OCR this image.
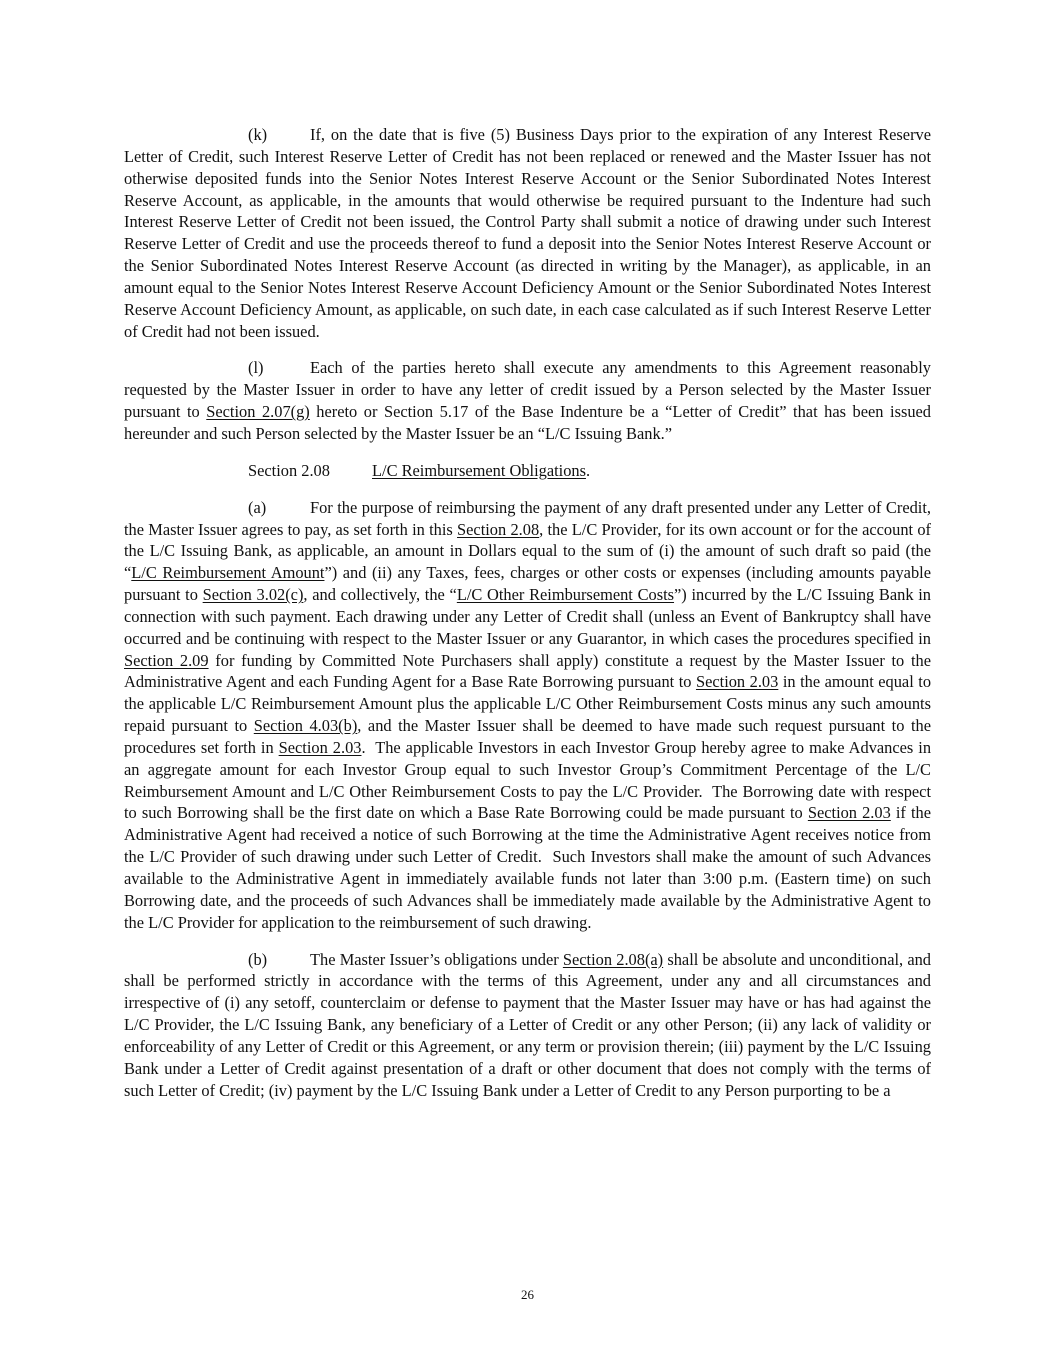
(k)	If, on the date that is five (5) Business Days prior to the expiration of any Interest Reserve Letter of Credit, such Interest Reserve Letter of Credit has not been replaced or renewed and the Master Issuer has not otherwise deposited funds into the Senior Notes Interest Reserve Account or the Senior Subordinated Notes Interest Reserve Account, as applicable, in the amounts that would otherwise be required pursuant to the Indenture had such Interest Reserve Letter of Credit not been issued, the Control Party shall submit a notice of drawing under such Interest Reserve Letter of Credit and use the proceeds thereof to fund a deposit into the Senior Notes Interest Reserve Account or the Senior Subordinated Notes Interest Reserve Account (as directed in writing by the Manager), as applicable, in an amount equal to the Senior Notes Interest Reserve Account Deficiency Amount or the Senior Subordinated Notes Interest Reserve Account Deficiency Amount, as applicable, on such date, in each case calculated as if such Interest Reserve Letter of Credit had not been issued.

(l)	Each of the parties hereto shall execute any amendments to this Agreement reasonably requested by the Master Issuer in order to have any letter of credit issued by a Person selected by the Master Issuer pursuant to Section 2.07(g) hereto or Section 5.17 of the Base Indenture be a “Letter of Credit” that has been issued hereunder and such Person selected by the Master Issuer be an “L/C Issuing Bank.”

Section 2.08	L/C Reimbursement Obligations.

(a)	For the purpose of reimbursing the payment of any draft presented under any Letter of Credit, the Master Issuer agrees to pay, as set forth in this Section 2.08, the L/C Provider, for its own account or for the account of the L/C Issuing Bank, as applicable, an amount in Dollars equal to the sum of (i) the amount of such draft so paid (the “L/C Reimbursement Amount”) and (ii) any Taxes, fees, charges or other costs or expenses (including amounts payable pursuant to Section 3.02(c), and collectively, the “L/C Other Reimbursement Costs”) incurred by the L/C Issuing Bank in connection with such payment. Each drawing under any Letter of Credit shall (unless an Event of Bankruptcy shall have occurred and be continuing with respect to the Master Issuer or any Guarantor, in which cases the procedures specified in Section 2.09 for funding by Committed Note Purchasers shall apply) constitute a request by the Master Issuer to the Administrative Agent and each Funding Agent for a Base Rate Borrowing pursuant to Section 2.03 in the amount equal to the applicable L/C Reimbursement Amount plus the applicable L/C Other Reimbursement Costs minus any such amounts repaid pursuant to Section 4.03(b), and the Master Issuer shall be deemed to have made such request pursuant to the procedures set forth in Section 2.03.  The applicable Investors in each Investor Group hereby agree to make Advances in an aggregate amount for each Investor Group equal to such Investor Group’s Commitment Percentage of the L/C Reimbursement Amount and L/C Other Reimbursement Costs to pay the L/C Provider.  The Borrowing date with respect to such Borrowing shall be the first date on which a Base Rate Borrowing could be made pursuant to Section 2.03 if the Administrative Agent had received a notice of such Borrowing at the time the Administrative Agent receives notice from the L/C Provider of such drawing under such Letter of Credit.  Such Investors shall make the amount of such Advances available to the Administrative Agent in immediately available funds not later than 3:00 p.m. (Eastern time) on such Borrowing date, and the proceeds of such Advances shall be immediately made available by the Administrative Agent to the L/C Provider for application to the reimbursement of such drawing.

(b)	The Master Issuer’s obligations under Section 2.08(a) shall be absolute and unconditional, and shall be performed strictly in accordance with the terms of this Agreement, under any and all circumstances and irrespective of (i) any setoff, counterclaim or defense to payment that the Master Issuer may have or has had against the L/C Provider, the L/C Issuing Bank, any beneficiary of a Letter of Credit or any other Person; (ii) any lack of validity or enforceability of any Letter of Credit or this Agreement, or any term or provision therein; (iii) payment by the L/C Issuing Bank under a Letter of Credit against presentation of a draft or other document that does not comply with the terms of such Letter of Credit; (iv) payment by the L/C Issuing Bank under a Letter of Credit to any Person purporting to be a

26
